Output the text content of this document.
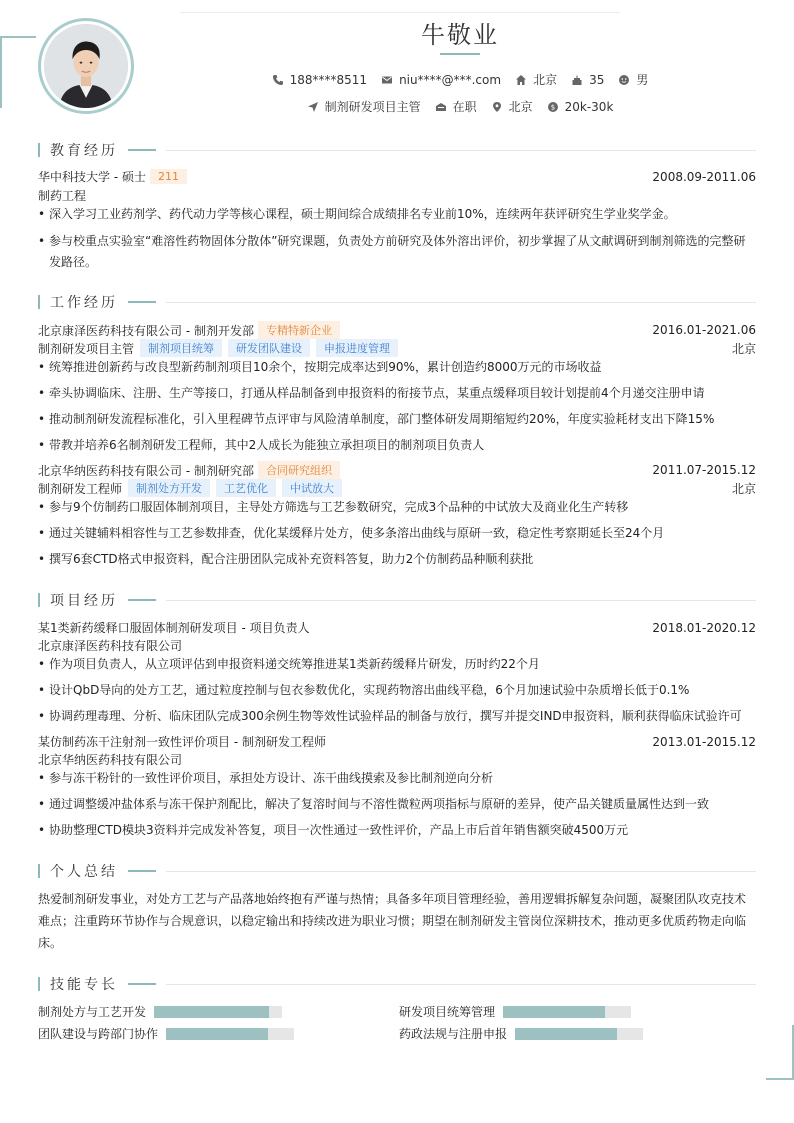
牛敬业
188****8511	niu****@***.com	北京	35	男
制剂研发项目主管	在职	北京	$ 20k-30k
教育经历
华中科技大学 - 硕士	211	2008.09-2011.06
制药工程
• 深入学习工业药剂学、药代动力学等核心课程，硕士期间综合成绩排名专业前10%，连续两年获评研究生学业奖学金。
• 参与校重点实验室“难溶性药物固体分散体”研究课题，负责处方前研究及体外溶出评价，初步掌握了从文献调研到制剂筛选的完整研发路径。
工作经历
北京康泽医药科技有限公司 - 制剂开发部	专精特新企业	2016.01-2021.06
制剂研发项目主管	制剂项目统筹	研发团队建设	申报进度管理	北京
• 统筹推进创新药与改良型新药制剂项目10余个，按期完成率达到90%，累计创造约8000万元的市场收益
• 牵头协调临床、注册、生产等接口，打通从样品制备到申报资料的衔接节点，某重点缓释项目较计划提前4个月递交注册申请
• 推动制剂研发流程标准化，引入里程碑节点评审与风险清单制度，部门整体研发周期缩短约20%，年度实验耗材支出下降15%
• 带教并培养6名制剂研发工程师，其中2人成长为能独立承担项目的制剂项目负责人
北京华纳医药科技有限公司 - 制剂研究部	合同研究组织	2011.07-2015.12
制剂研发工程师	制剂处方开发	工艺优化	中试放大	北京
• 参与9个仿制药口服固体制剂项目，主导处方筛选与工艺参数研究，完成3个品种的中试放大及商业化生产转移
• 通过关键辅料相容性与工艺参数排查，优化某缓释片处方，使多条溶出曲线与原研一致，稳定性考察期延长至24个月
• 撰写6套CTD格式申报资料，配合注册团队完成补充资料答复，助力2个仿制药品种顺利获批
项目经历
某1类新药缓释口服固体制剂研发项目 - 项目负责人	2018.01-2020.12
北京康泽医药科技有限公司
• 作为项目负责人，从立项评估到申报资料递交统筹推进某1类新药缓释片研发，历时约22个月
• 设计QbD导向的处方工艺，通过粒度控制与包衣参数优化，实现药物溶出曲线平稳，6个月加速试验中杂质增长低于0.1%
• 协调药理毒理、分析、临床团队完成300余例生物等效性试验样品的制备与放行，撰写并提交IND申报资料，顺利获得临床试验许可
某仿制药冻干注射剂一致性评价项目 - 制剂研发工程师	2013.01-2015.12
北京华纳医药科技有限公司
• 参与冻干粉针的一致性评价项目，承担处方设计、冻干曲线摸索及参比制剂逆向分析
• 通过调整缓冲盐体系与冻干保护剂配比，解决了复溶时间与不溶性微粒两项指标与原研的差异，使产品关键质量属性达到一致
• 协助整理CTD模块3资料并完成发补答复，项目一次性通过一致性评价，产品上市后首年销售额突破4500万元
个人总结
热爱制剂研发事业，对处方工艺与产品落地始终抱有严谨与热情；具备多年项目管理经验，善用逻辑拆解复杂问题，凝聚团队攻克技术难点；注重跨环节协作与合规意识，以稳定输出和持续改进为职业习惯；期望在制剂研发主管岗位深耕技术，推动更多优质药物走向临床。
技能专长
制剂处方与工艺开发	研发项目统筹管理
团队建设与跨部门协作	药政法规与注册申报
